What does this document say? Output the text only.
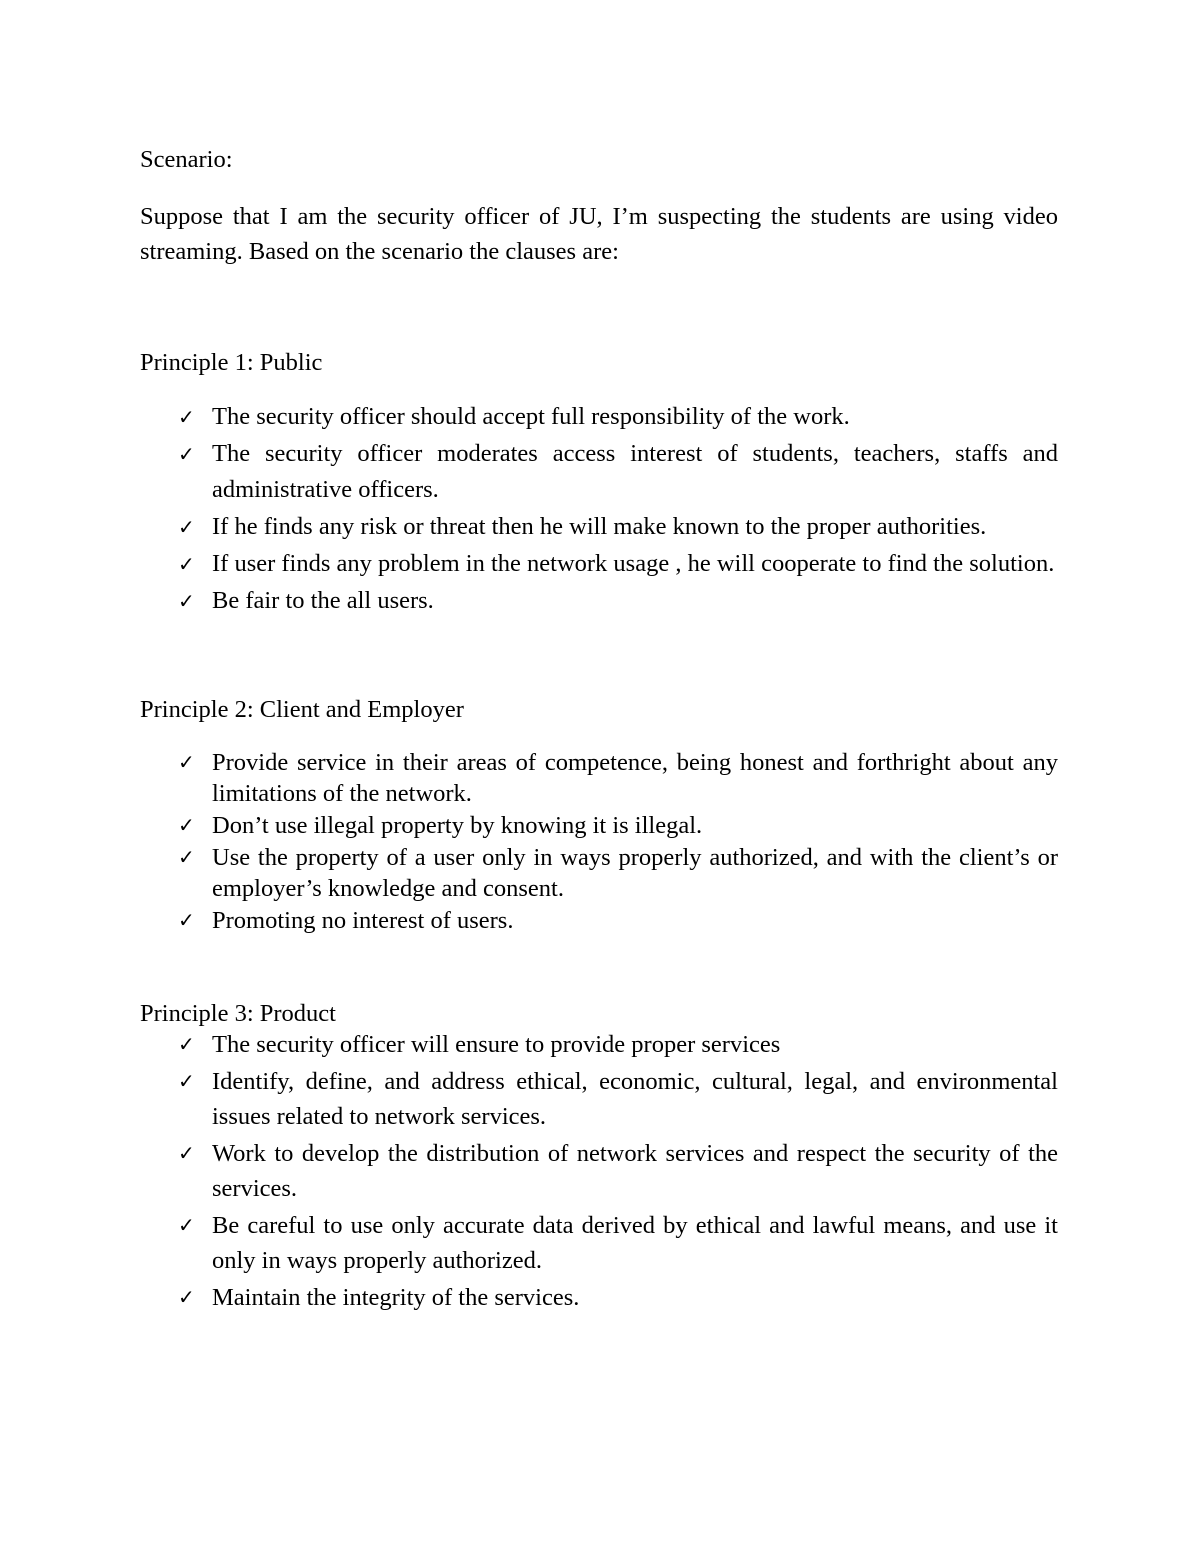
Scenario:

Suppose that I am the security officer of JU, I’m suspecting the students are using video streaming. Based on the scenario the clauses are:

Principle 1: Public

✓ The security officer should accept full responsibility of the work.
✓ The security officer moderates access interest of students, teachers, staffs and administrative officers.
✓ If he finds any risk or threat then he will make known to the proper authorities.
✓ If user finds any problem in the network usage , he will cooperate to find the solution.
✓ Be fair to the all users.

Principle 2: Client and Employer

✓ Provide service in their areas of competence, being honest and forthright about any limitations of the network.
✓ Don’t use illegal property by knowing it is illegal.
✓ Use the property of a user only in ways properly authorized, and with the client’s or employer’s knowledge and consent.
✓ Promoting no interest of users.

Principle 3: Product

✓ The security officer will ensure to provide proper services
✓ Identify, define, and address ethical, economic, cultural, legal, and environmental issues related to network services.
✓ Work to develop the distribution of network services and respect the security of the services.
✓ Be careful to use only accurate data derived by ethical and lawful means, and use it only in ways properly authorized.
✓ Maintain the integrity of the services.
